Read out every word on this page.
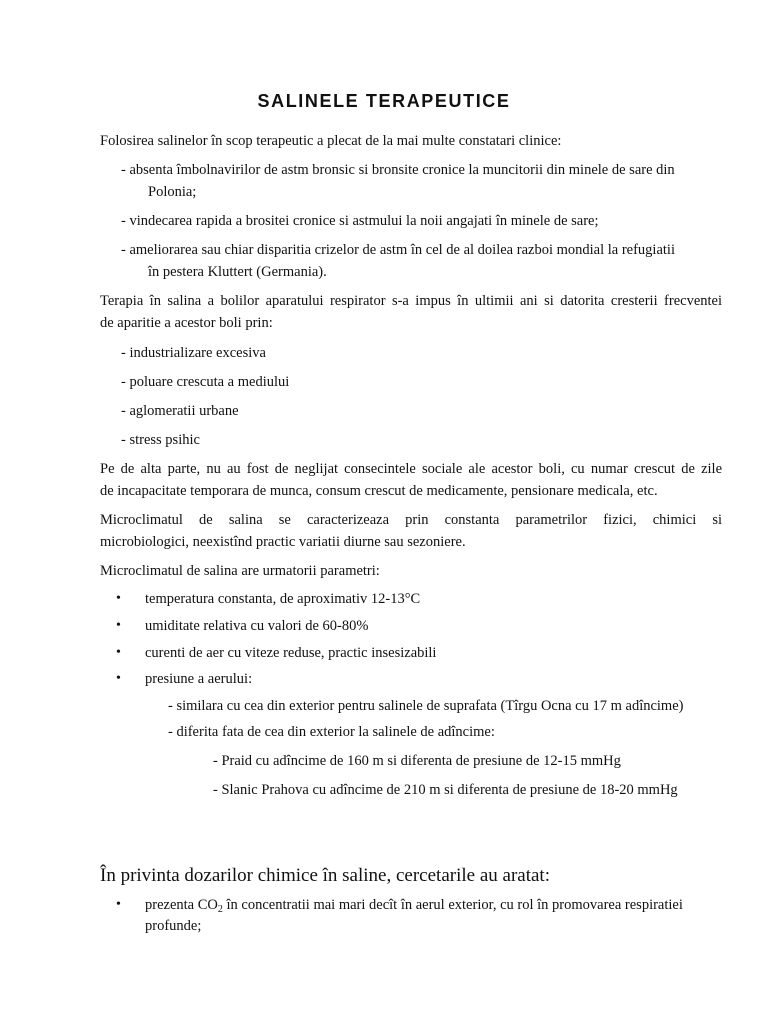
SALINELE TERAPEUTICE
Folosirea salinelor în scop terapeutic a plecat de la mai multe constatari clinice:
- absenta îmbolnavirilor de astm bronsic si bronsite cronice la muncitorii din minele de sare din
Polonia;
- vindecarea rapida a brositei cronice si astmului la noii angajati în minele de sare;
- ameliorarea sau chiar disparitia crizelor de astm în cel de al doilea razboi mondial la refugiatii
în pestera Kluttert (Germania).
Terapia în salina a bolilor aparatului respirator s-a impus în ultimii ani si datorita cresterii frecventei
de aparitie a acestor boli prin:
- industrializare excesiva
- poluare crescuta a mediului
- aglomeratii urbane
- stress psihic
Pe de alta parte, nu au fost de neglijat consecintele sociale ale acestor boli, cu numar crescut de zile
de incapacitate temporara de munca, consum crescut de medicamente, pensionare medicala, etc.
Microclimatul de salina se caracterizeaza prin constanta parametrilor fizici, chimici si
microbiologici, neexistînd practic variatii diurne sau sezoniere.
Microclimatul de salina are urmatorii parametri:
• temperatura constanta, de aproximativ 12-13°C
• umiditate relativa cu valori de 60-80%
• curenti de aer cu viteze reduse, practic insesizabili
• presiune a aerului:
- similara cu cea din exterior pentru salinele de suprafata (Tîrgu Ocna cu 17 m adîncime)
- diferita fata de cea din exterior la salinele de adîncime:
- Praid cu adîncime de 160 m si diferenta de presiune de 12-15 mmHg
- Slanic Prahova cu adîncime de 210 m si diferenta de presiune de 18-20 mmHg
În privinta dozarilor chimice în saline, cercetarile au aratat:
• prezenta $CO_2$ în concentratii mai mari decît în aerul exterior, cu rol în promovarea respiratiei
profunde;
